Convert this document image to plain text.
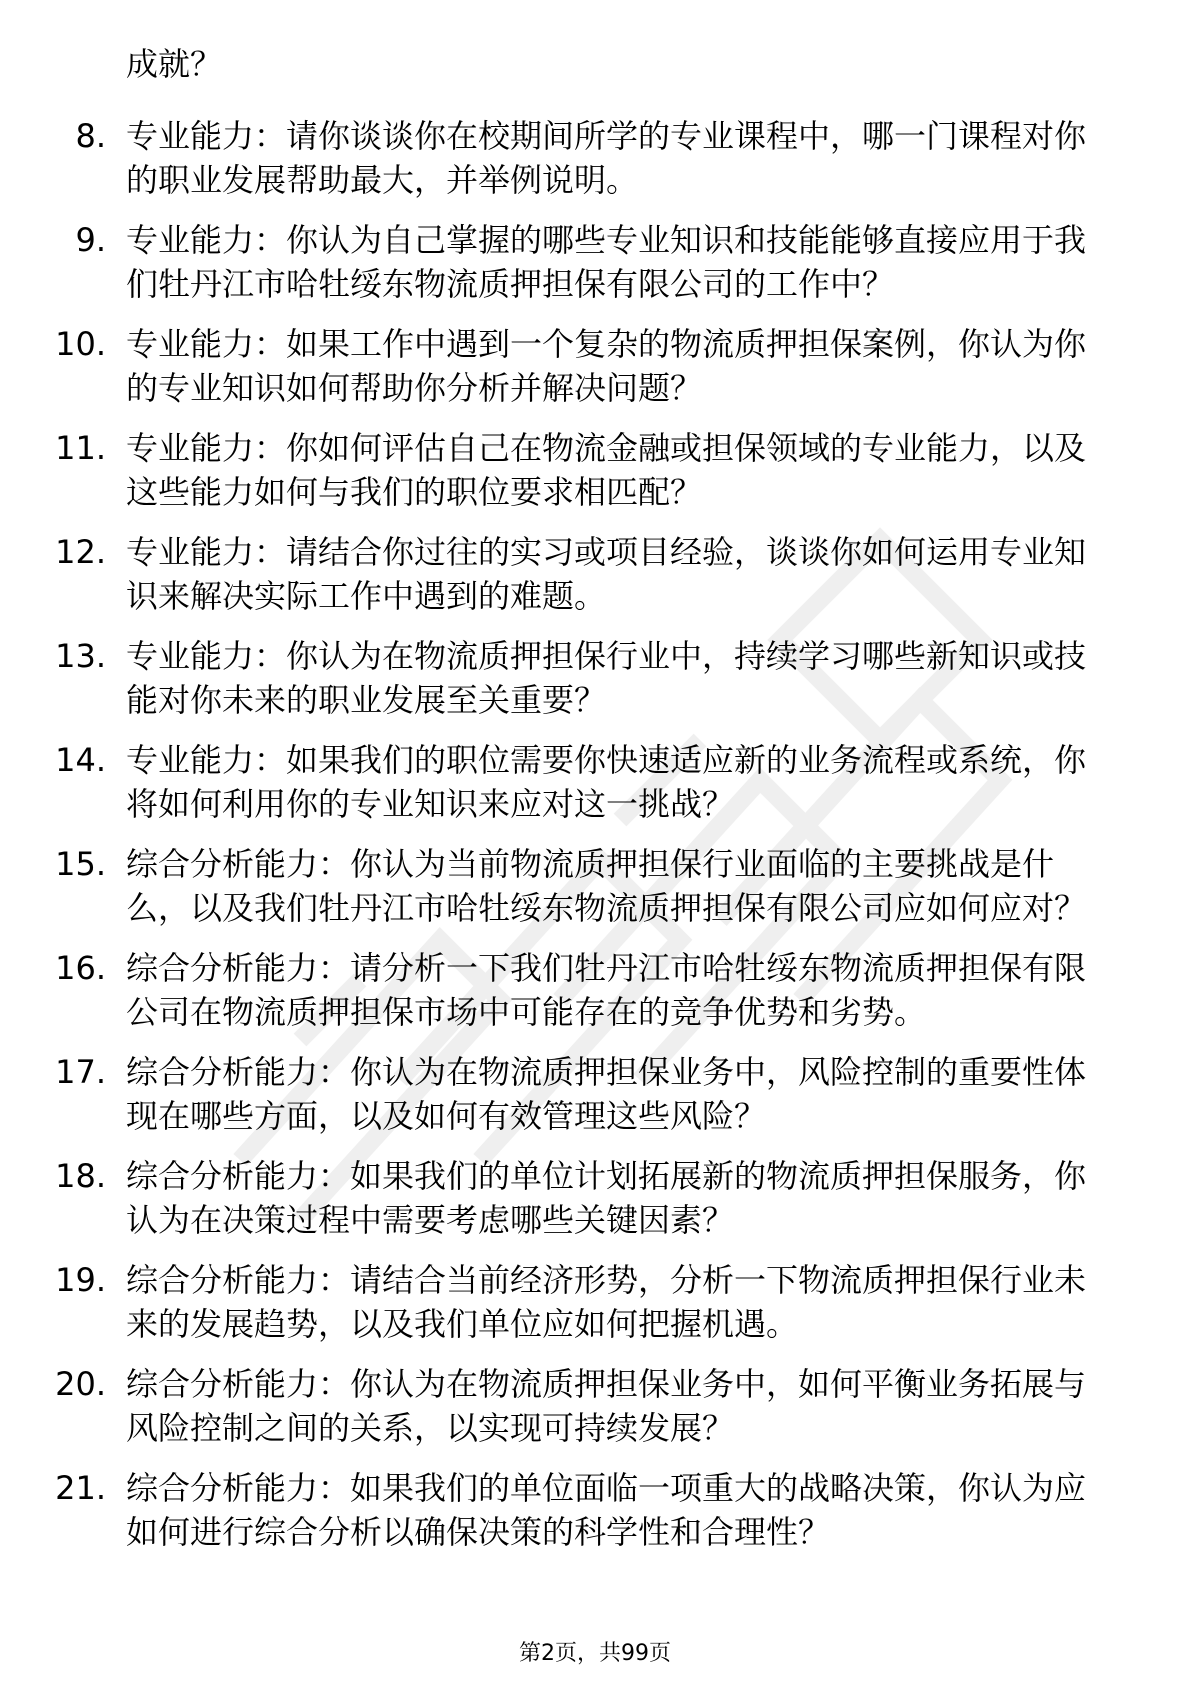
成就？
8. 专业能力：请你谈谈你在校期间所学的专业课程中，哪一门课程对你的职业发展帮助最大，并举例说明。
9. 专业能力：你认为自己掌握的哪些专业知识和技能能够直接应用于我们牡丹江市哈牡绥东物流质押担保有限公司的工作中？
10. 专业能力：如果工作中遇到一个复杂的物流质押担保案例，你认为你的专业知识如何帮助你分析并解决问题？
11. 专业能力：你如何评估自己在物流金融或担保领域的专业能力，以及这些能力如何与我们的职位要求相匹配？
12. 专业能力：请结合你过往的实习或项目经验，谈谈你如何运用专业知识来解决实际工作中遇到的难题。
13. 专业能力：你认为在物流质押担保行业中，持续学习哪些新知识或技能对你未来的职业发展至关重要？
14. 专业能力：如果我们的职位需要你快速适应新的业务流程或系统，你将如何利用你的专业知识来应对这一挑战？
15. 综合分析能力：你认为当前物流质押担保行业面临的主要挑战是什么，以及我们牡丹江市哈牡绥东物流质押担保有限公司应如何应对？
16. 综合分析能力：请分析一下我们牡丹江市哈牡绥东物流质押担保有限公司在物流质押担保市场中可能存在的竞争优势和劣势。
17. 综合分析能力：你认为在物流质押担保业务中，风险控制的重要性体现在哪些方面，以及如何有效管理这些风险？
18. 综合分析能力：如果我们的单位计划拓展新的物流质押担保服务，你认为在决策过程中需要考虑哪些关键因素？
19. 综合分析能力：请结合当前经济形势，分析一下物流质押担保行业未来的发展趋势，以及我们单位应如何把握机遇。
20. 综合分析能力：你认为在物流质押担保业务中，如何平衡业务拓展与风险控制之间的关系，以实现可持续发展？
21. 综合分析能力：如果我们的单位面临一项重大的战略决策，你认为应如何进行综合分析以确保决策的科学性和合理性？
第2页，共99页
